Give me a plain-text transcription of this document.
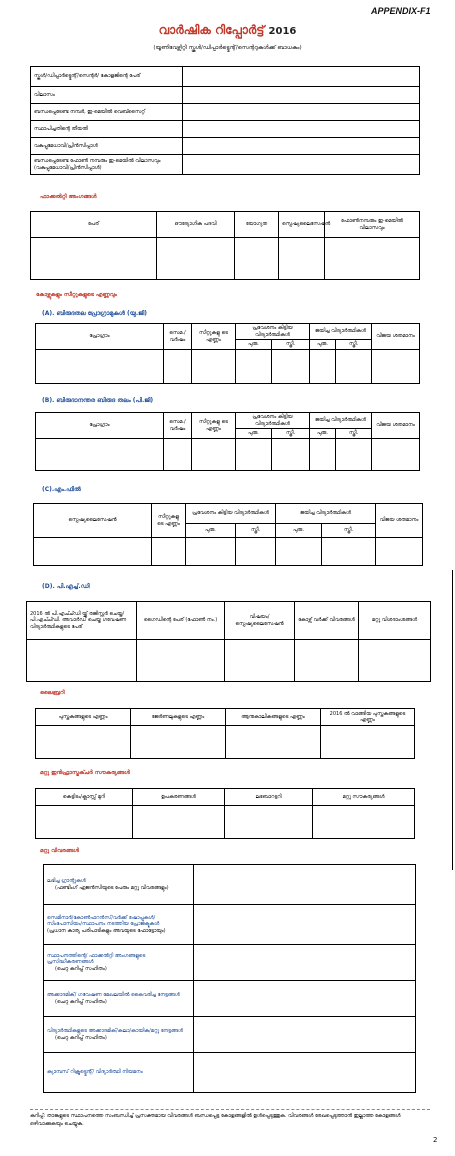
APPENDIX-F1
വാർഷിക റിപ്പോർട്ട് 2016
(യൂണിവേഴ്സിറ്റി സ്കൂൾ/ഡിപ്പാർട്ട്മെന്റ്/സെന്ററുകൾക്ക് ബാധകം)
സ്കൂൾ/ഡിപ്പാർട്ട്മെന്റ്/സെന്റർ/ കോളജിന്റെ പേര്	
വിലാസം	
ബന്ധപ്പെടേണ്ട നമ്പർ, ഇ-മെയിൽ വെബ്സൈറ്റ്	
സ്ഥാപിച്ചതിന്റെ തീയതി	
വകുപ്പുമേധാവി/പ്രിൻസിപ്പാൾ	
ബന്ധപ്പെടേണ്ട ഫോൺ നമ്പരും ഇ-മെയിൽ വിലാസവും (വകുപ്പുമേധാവി/പ്രിൻസിപ്പാൾ)	
ഫാക്കൽറ്റി അംഗങ്ങൾ
പേര്	ഔദ്യോഗിക പദവി	യോഗ്യത	സ്പെഷ്യലൈസേഷൻ	ഫോൺനമ്പരും ഇ-മെയിൽ വിലാസവും

കോഴ്സുകളും സീറ്റുകളുടെ എണ്ണവും
(A). ബിരുദതല പ്രോഗ്രാമുകൾ (യു.ജി)
പ്രോഗ്രാം	സെമ./ വർഷം	സീറ്റുകളു ടെ എണ്ണം	പ്രവേശനം കിട്ടിയ വിദ്യാർത്ഥികൾ		ജയിച്ച വിദ്യാർത്ഥികൾ		വിജയ ശതമാനം
			പുരു.	സ്ത്രീ.	പുരു.	സ്ത്രീ.	

(B). ബിരുദാനന്തര ബിരുദ തലം (പി.ജി)
പ്രോഗ്രാം	സെമ./ വർഷം	സീറ്റുകളു ടെ എണ്ണം	പ്രവേശനം കിട്ടിയ വിദ്യാർത്ഥികൾ		ജയിച്ച വിദ്യാർത്ഥികൾ		വിജയ ശതമാനം
			പുരു.	സ്ത്രീ.	പുരു.	സ്ത്രീ.	

(C).എം.ഫിൽ
സ്പെഷ്യലൈസേഷൻ	സീറ്റുകളു ടെ എണ്ണം	പ്രവേശനം കിട്ടിയ വിദ്യാർത്ഥികൾ		ജയിച്ച വിദ്യാർത്ഥികൾ		വിജയ ശതമാനം
		പുരു.	സ്ത്രീ.	പുരു.	സ്ത്രീ.	

(D). പി.എച്ച്.ഡി
2016 ൽ പി.എച്ച്ഡി യ്ക്ക് രജിസ്റ്റർ ചെയ്ത/പി.എച്ച്ഡി. അവാർഡ് ചെയ്ത ഗവേഷണ വിദ്യാർത്ഥികളുടെ പേര്	ഗൈഡിന്റെ പേര് (ഫോൺ നം.)	വിഷയം/ സ്പെഷ്യലൈസേഷൻ	കോഴ്സ് വർക്ക് വിവരങ്ങൾ	മറ്റു വിശദാംശങ്ങൾ

ലൈബ്രറി
പുസ്തകങ്ങളുടെ എണ്ണം	ജേർണലുകളുടെ എണ്ണം	ആനുകാലികങ്ങളുടെ എണ്ണം	2016 ൽ വാങ്ങിയ പുസ്തകങ്ങളുടെ എണ്ണം

മറ്റു ഇൻഫ്രാസ്ട്രക്ചർ സൗകര്യങ്ങൾ
കെട്ടിടം/ക്ലാസ്സ് മുറി	ഉപകരണങ്ങൾ	ലബോറട്ടറി	മറ്റു സൗകര്യങ്ങൾ

മറ്റു വിവരങ്ങൾ
ലഭിച്ച ഗ്രാന്റുകൾ
(ഫണ്ടിംഗ് ഏജൻസിയുടെ പേരും മറ്റു വിവരങ്ങളും)	

സെമിനാർ/കോൺഫറൻസ്/വർക്ക് ഷോപ്പുകൾ/ സിംപോസിയം/സ്ഥാപനം നടത്തിയ പ്രോജക്ടുകൾ
(പ്രധാന കാര്യ പരിപാടികളും അവയുടെ ഫോട്ടോയും)	

സ്ഥാപനത്തിന്റെ/ ഫാക്കൽറ്റി അംഗങ്ങളുടെ പ്രസിദ്ധീകരണങ്ങൾ
(ചെറു കുറിപ്പ് സഹിതം)	

അക്കാദമിക്/ ഗവേഷണ മേഖലയിൽ കൈവരിച്ച നേട്ടങ്ങൾ
(ചെറു കുറിപ്പ് സഹിതം)	

വിദ്യാർത്ഥികളുടെ അക്കാദമിക്/കലാ/കായിക/മറ്റു നേട്ടങ്ങൾ
(ചെറു കുറിപ്പ് സഹിതം)	

ക്യാമ്പസ് റിക്രൂട്ട്മെന്റ്/ വിദ്യാർത്ഥി നിയമനം	

കുറിപ്പ്: താങ്കളുടെ സ്ഥാപനത്തെ സംബന്ധിച്ച് പ്രസക്തമായ വിവരങ്ങൾ ബന്ധപ്പെട്ട കോളങ്ങളിൽ ഉൾപ്പെടുത്തുക. വിവരങ്ങൾ രേഖപ്പെടുത്താൻ ഇല്ലാത്ത കോളങ്ങൾ ഒഴിവാക്കുകയും ചെയ്യുക.
2
